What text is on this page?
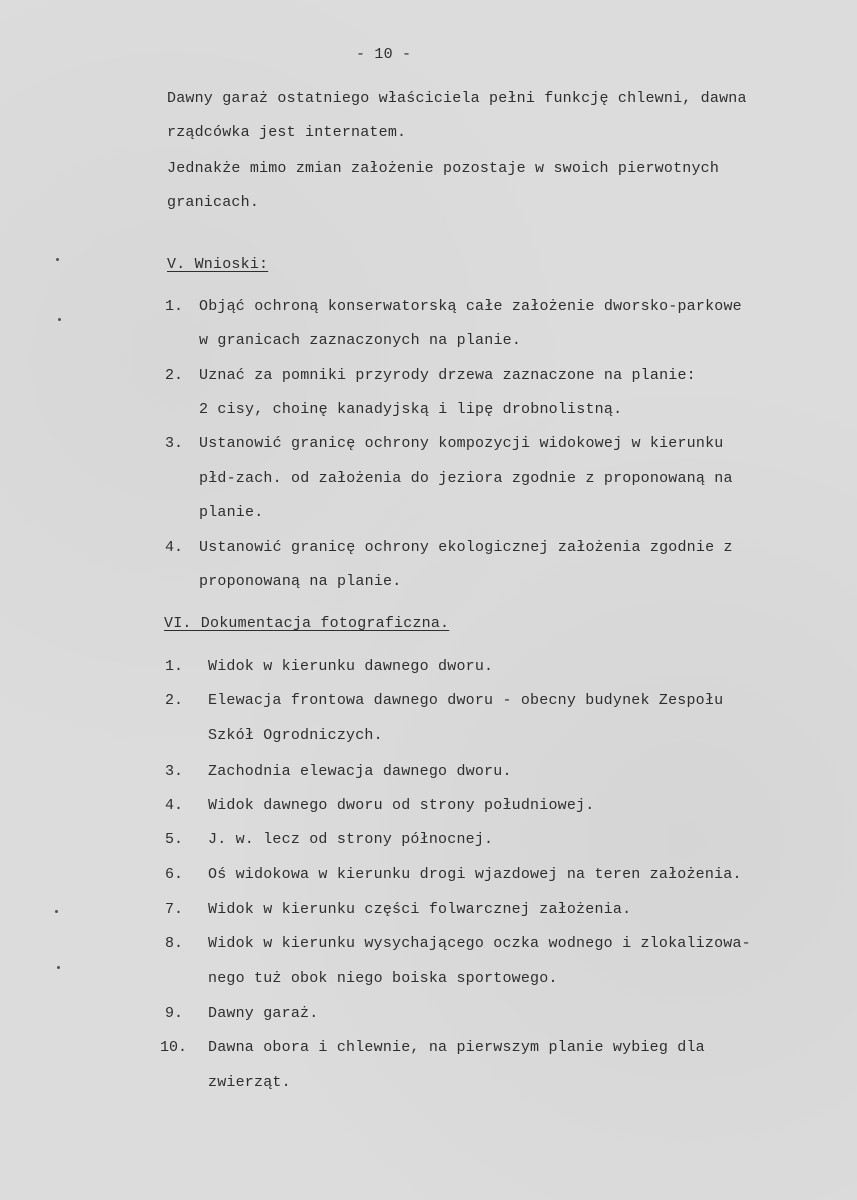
- 10 -
Dawny garaż ostatniego właściciela pełni funkcję chlewni, dawna
rządcówka jest internatem.
Jednakże mimo zmian założenie pozostaje w swoich pierwotnych
granicach.
V. Wnioski:
1. Objąć ochroną konserwatorską całe założenie dworsko-parkowe
w granicach zaznaczonych na planie.
2. Uznać za pomniki przyrody drzewa zaznaczone na planie:
2 cisy, choinę kanadyjską i lipę drobnolistną.
3. Ustanowić granicę ochrony kompozycji widokowej w kierunku
płd-zach. od założenia do jeziora zgodnie z proponowaną na
planie.
4. Ustanowić granicę ochrony ekologicznej założenia zgodnie z
proponowaną na planie.
VI. Dokumentacja fotograficzna.
1. Widok w kierunku dawnego dworu.
2. Elewacja frontowa dawnego dworu - obecny budynek Zespołu
Szkół Ogrodniczych.
3. Zachodnia elewacja dawnego dworu.
4. Widok dawnego dworu od strony południowej.
5. J. w. lecz od strony północnej.
6. Oś widokowa w kierunku drogi wjazdowej na teren założenia.
7. Widok w kierunku części folwarcznej założenia.
8. Widok w kierunku wysychającego oczka wodnego i zlokalizowa-
nego tuż obok niego boiska sportowego.
9. Dawny garaż.
10. Dawna obora i chlewnie, na pierwszym planie wybieg dla
zwierząt.
